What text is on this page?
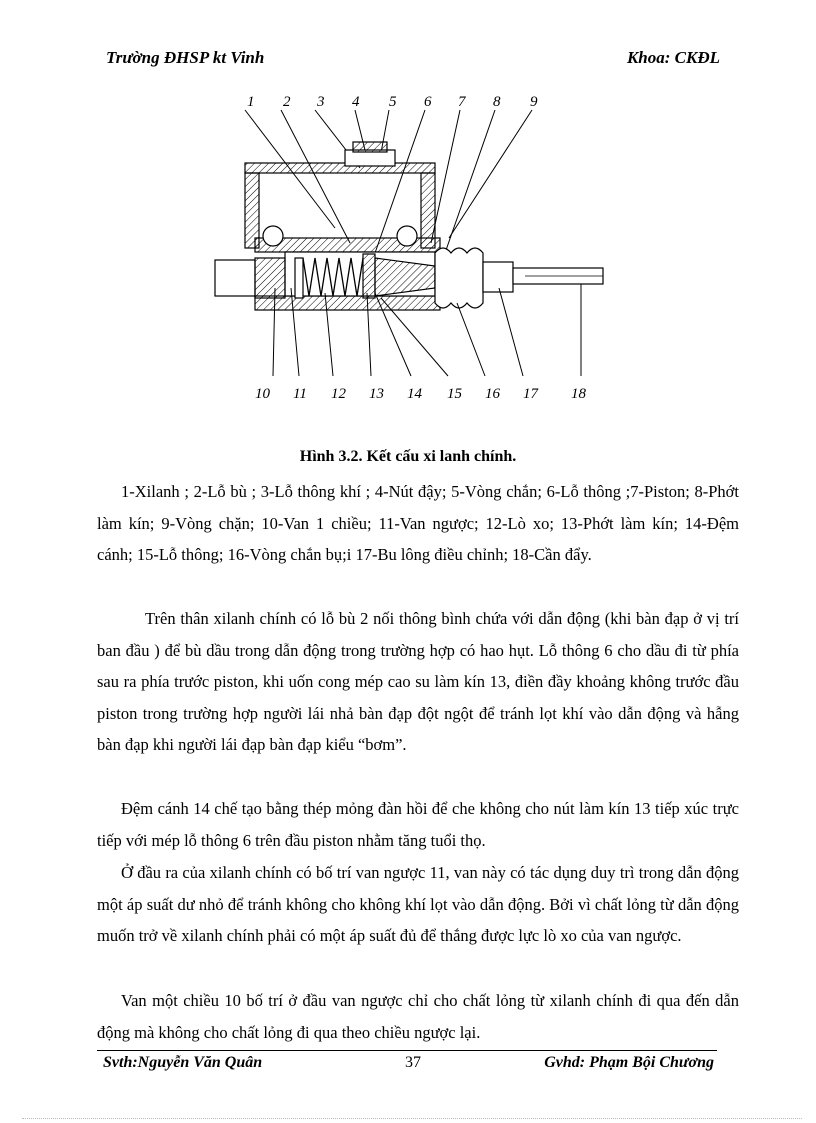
Trường ĐHSP kt Vinh	Khoa: CKĐL
1 2 3 4 5 6 7 8 9
10 11 12 13 14 15 16 17 18
Hình 3.2. Kết cấu xi lanh chính.

1-Xilanh ; 2-Lỗ bù ; 3-Lỗ thông khí ; 4-Nút đậy; 5-Vòng chắn; 6-Lỗ thông ;7-Piston; 8-Phớt làm kín; 9-Vòng chặn; 10-Van 1 chiều; 11-Van ngược; 12-Lò xo; 13-Phớt làm kín; 14-Đệm cánh; 15-Lỗ thông; 16-Vòng chắn bụ;i 17-Bu lông điều chỉnh; 18-Cần đẩy.

Trên thân xilanh chính có lỗ bù 2 nối thông bình chứa với dẫn động (khi bàn đạp ở vị trí ban đầu ) để bù dầu trong dẫn động trong trường hợp có hao hụt. Lỗ thông 6 cho dầu đi từ phía sau ra phía trước piston, khi uốn cong mép cao su làm kín 13, điền đầy khoảng không trước đầu piston trong trường hợp người lái nhả bàn đạp đột ngột để tránh lọt khí vào dẫn động và hẫng bàn đạp khi người lái đạp bàn đạp kiểu “bơm”.

Đệm cánh 14 chế tạo bằng thép mỏng đàn hồi để che không cho nút làm kín 13 tiếp xúc trực tiếp với mép lỗ thông 6 trên đầu piston nhằm tăng tuổi thọ.

Ở đầu ra của xilanh chính có bố trí van ngược 11, van này có tác dụng duy trì trong dẫn động một áp suất dư nhỏ để tránh không cho không khí lọt vào dẫn động. Bởi vì chất lỏng từ dẫn động muốn trở về xilanh chính phải có một áp suất đủ để thắng được lực lò xo của van ngược.

Van một chiều 10 bố trí ở đầu van ngược chỉ cho chất lỏng từ xilanh chính đi qua đến dẫn động mà không cho chất lỏng đi qua theo chiều ngược lại.

Svth:Nguyễn Văn Quân	37	Gvhd: Phạm Bội Chương
